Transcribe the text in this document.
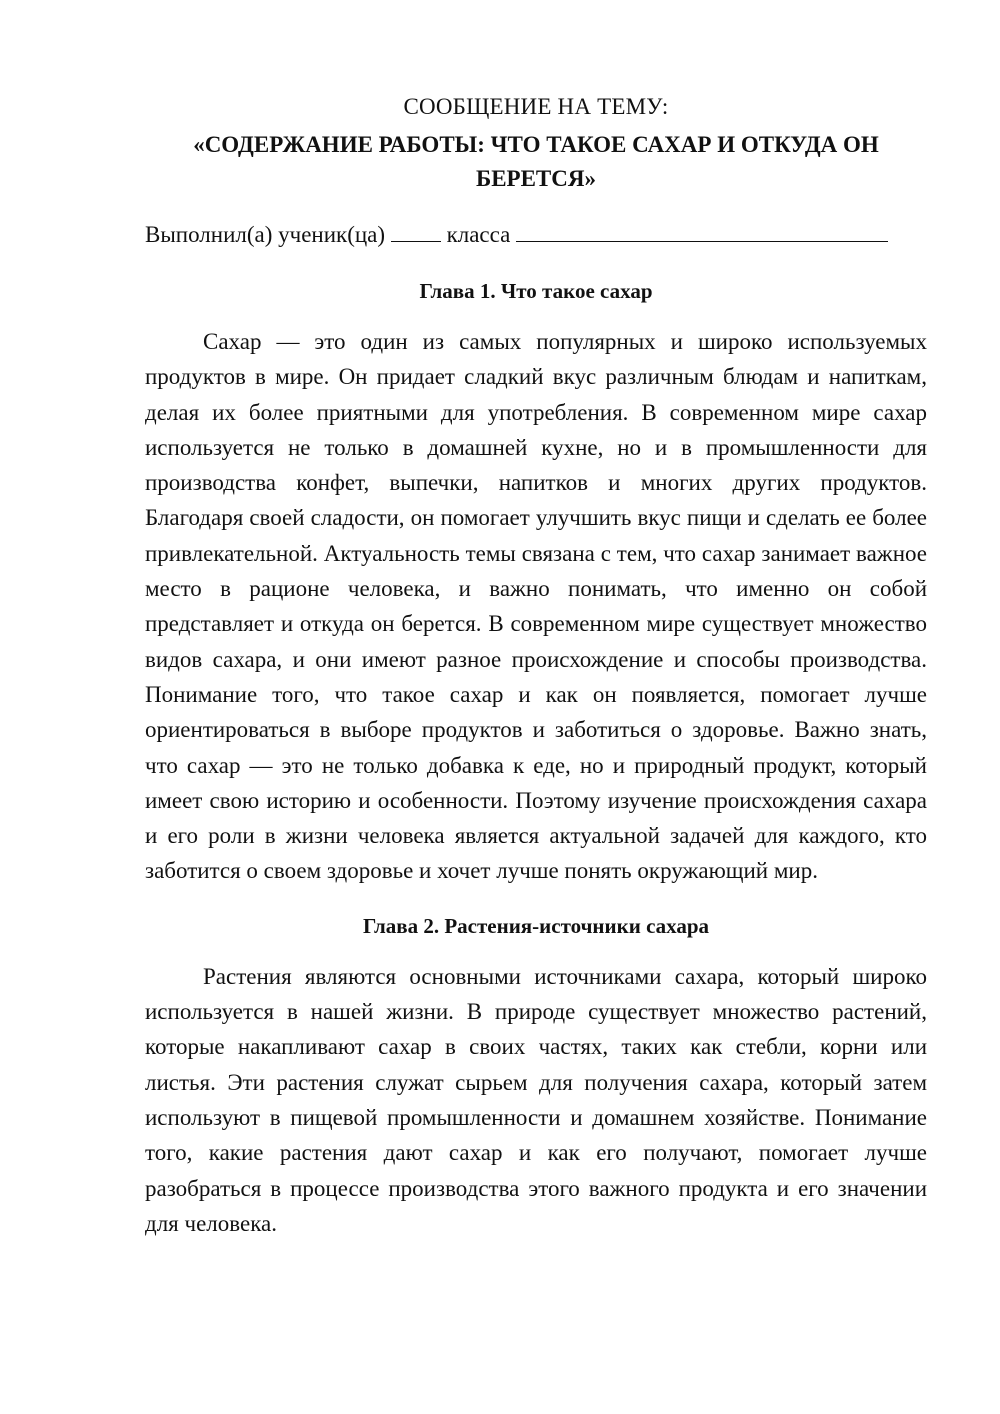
СООБЩЕНИЕ НА ТЕМУ:
«СОДЕРЖАНИЕ РАБОТЫ: ЧТО ТАКОЕ САХАР И ОТКУДА ОН БЕРЕТСЯ»
Выполнил(а) ученик(ца)	класса
Глава 1. Что такое сахар

Сахар — это один из самых популярных и широко используемых продуктов в мире. Он придает сладкий вкус различным блюдам и напиткам, делая их более приятными для употребления. В современном мире сахар используется не только в домашней кухне, но и в промышленности для производства конфет, выпечки, напитков и многих других продуктов. Благодаря своей сладости, он помогает улучшить вкус пищи и сделать ее более привлекательной. Актуальность темы связана с тем, что сахар занимает важное место в рационе человека, и важно понимать, что именно он собой представляет и откуда он берется. В современном мире существует множество видов сахара, и они имеют разное происхождение и способы производства. Понимание того, что такое сахар и как он появляется, помогает лучше ориентироваться в выборе продуктов и заботиться о здоровье. Важно знать, что сахар — это не только добавка к еде, но и природный продукт, который имеет свою историю и особенности. Поэтому изучение происхождения сахара и его роли в жизни человека является актуальной задачей для каждого, кто заботится о своем здоровье и хочет лучше понять окружающий мир.

Глава 2. Растения-источники сахара

Растения являются основными источниками сахара, который широко используется в нашей жизни. В природе существует множество растений, которые накапливают сахар в своих частях, таких как стебли, корни или листья. Эти растения служат сырьем для получения сахара, который затем используют в пищевой промышленности и домашнем хозяйстве. Понимание того, какие растения дают сахар и как его получают, помогает лучше разобраться в процессе производства этого важного продукта и его значении для человека.
